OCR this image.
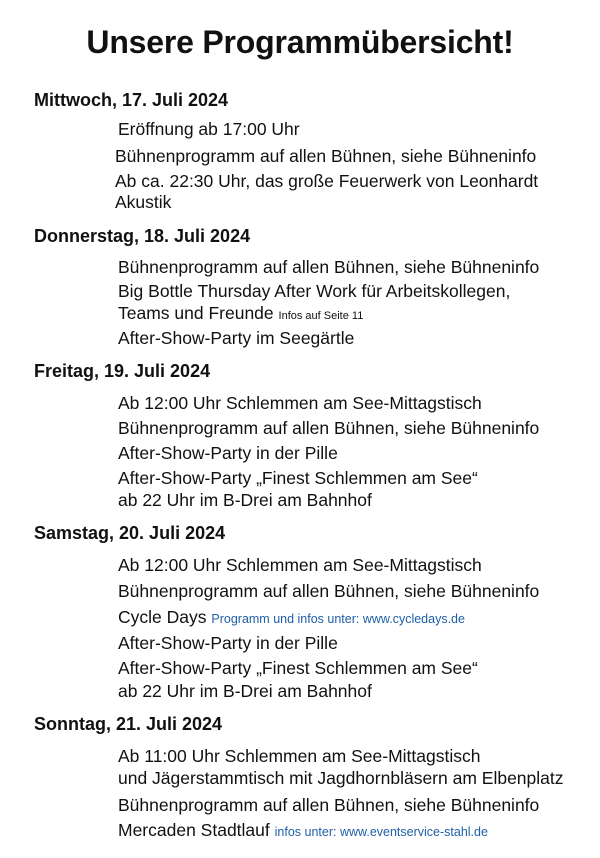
Unsere Programmübersicht!
Mittwoch, 17. Juli 2024
Eröffnung ab 17:00 Uhr
Bühnenprogramm auf allen Bühnen, siehe Bühneninfo
Ab ca. 22:30 Uhr, das große Feuerwerk von Leonhardt
Akustik
Donnerstag, 18. Juli 2024
Bühnenprogramm auf allen Bühnen, siehe Bühneninfo
Big Bottle Thursday After Work für Arbeitskollegen,
Teams und Freunde Infos auf Seite 11
After-Show-Party im Seegärtle
Freitag, 19. Juli 2024
Ab 12:00 Uhr Schlemmen am See-Mittagstisch
Bühnenprogramm auf allen Bühnen, siehe Bühneninfo
After-Show-Party in der Pille
After-Show-Party „Finest Schlemmen am See“
ab 22 Uhr im B-Drei am Bahnhof
Samstag, 20. Juli 2024
Ab 12:00 Uhr Schlemmen am See-Mittagstisch
Bühnenprogramm auf allen Bühnen, siehe Bühneninfo
Cycle Days Programm und infos unter: www.cycledays.de
After-Show-Party in der Pille
After-Show-Party „Finest Schlemmen am See“
ab 22 Uhr im B-Drei am Bahnhof
Sonntag, 21. Juli 2024
Ab 11:00 Uhr Schlemmen am See-Mittagstisch
und Jägerstammtisch mit Jagdhornbläsern am Elbenplatz
Bühnenprogramm auf allen Bühnen, siehe Bühneninfo
Mercaden Stadtlauf infos unter: www.eventservice-stahl.de
